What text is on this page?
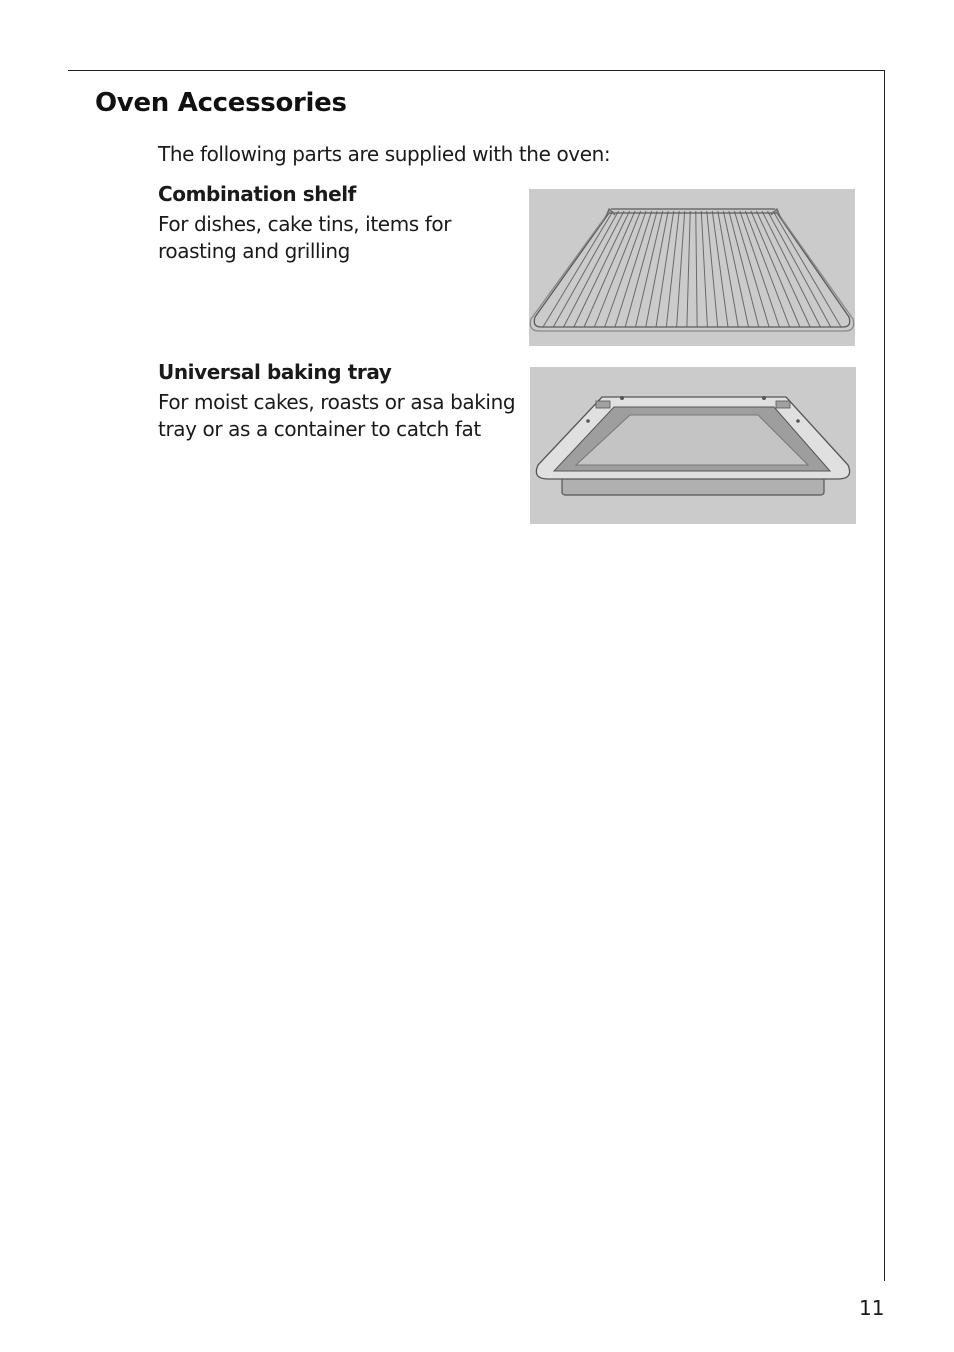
Oven Accessories
The following parts are supplied with the oven:
Combination shelf
For dishes, cake tins, items for roasting and grilling
Universal baking tray
For moist cakes, roasts or asa baking tray or as a container to catch fat
11
